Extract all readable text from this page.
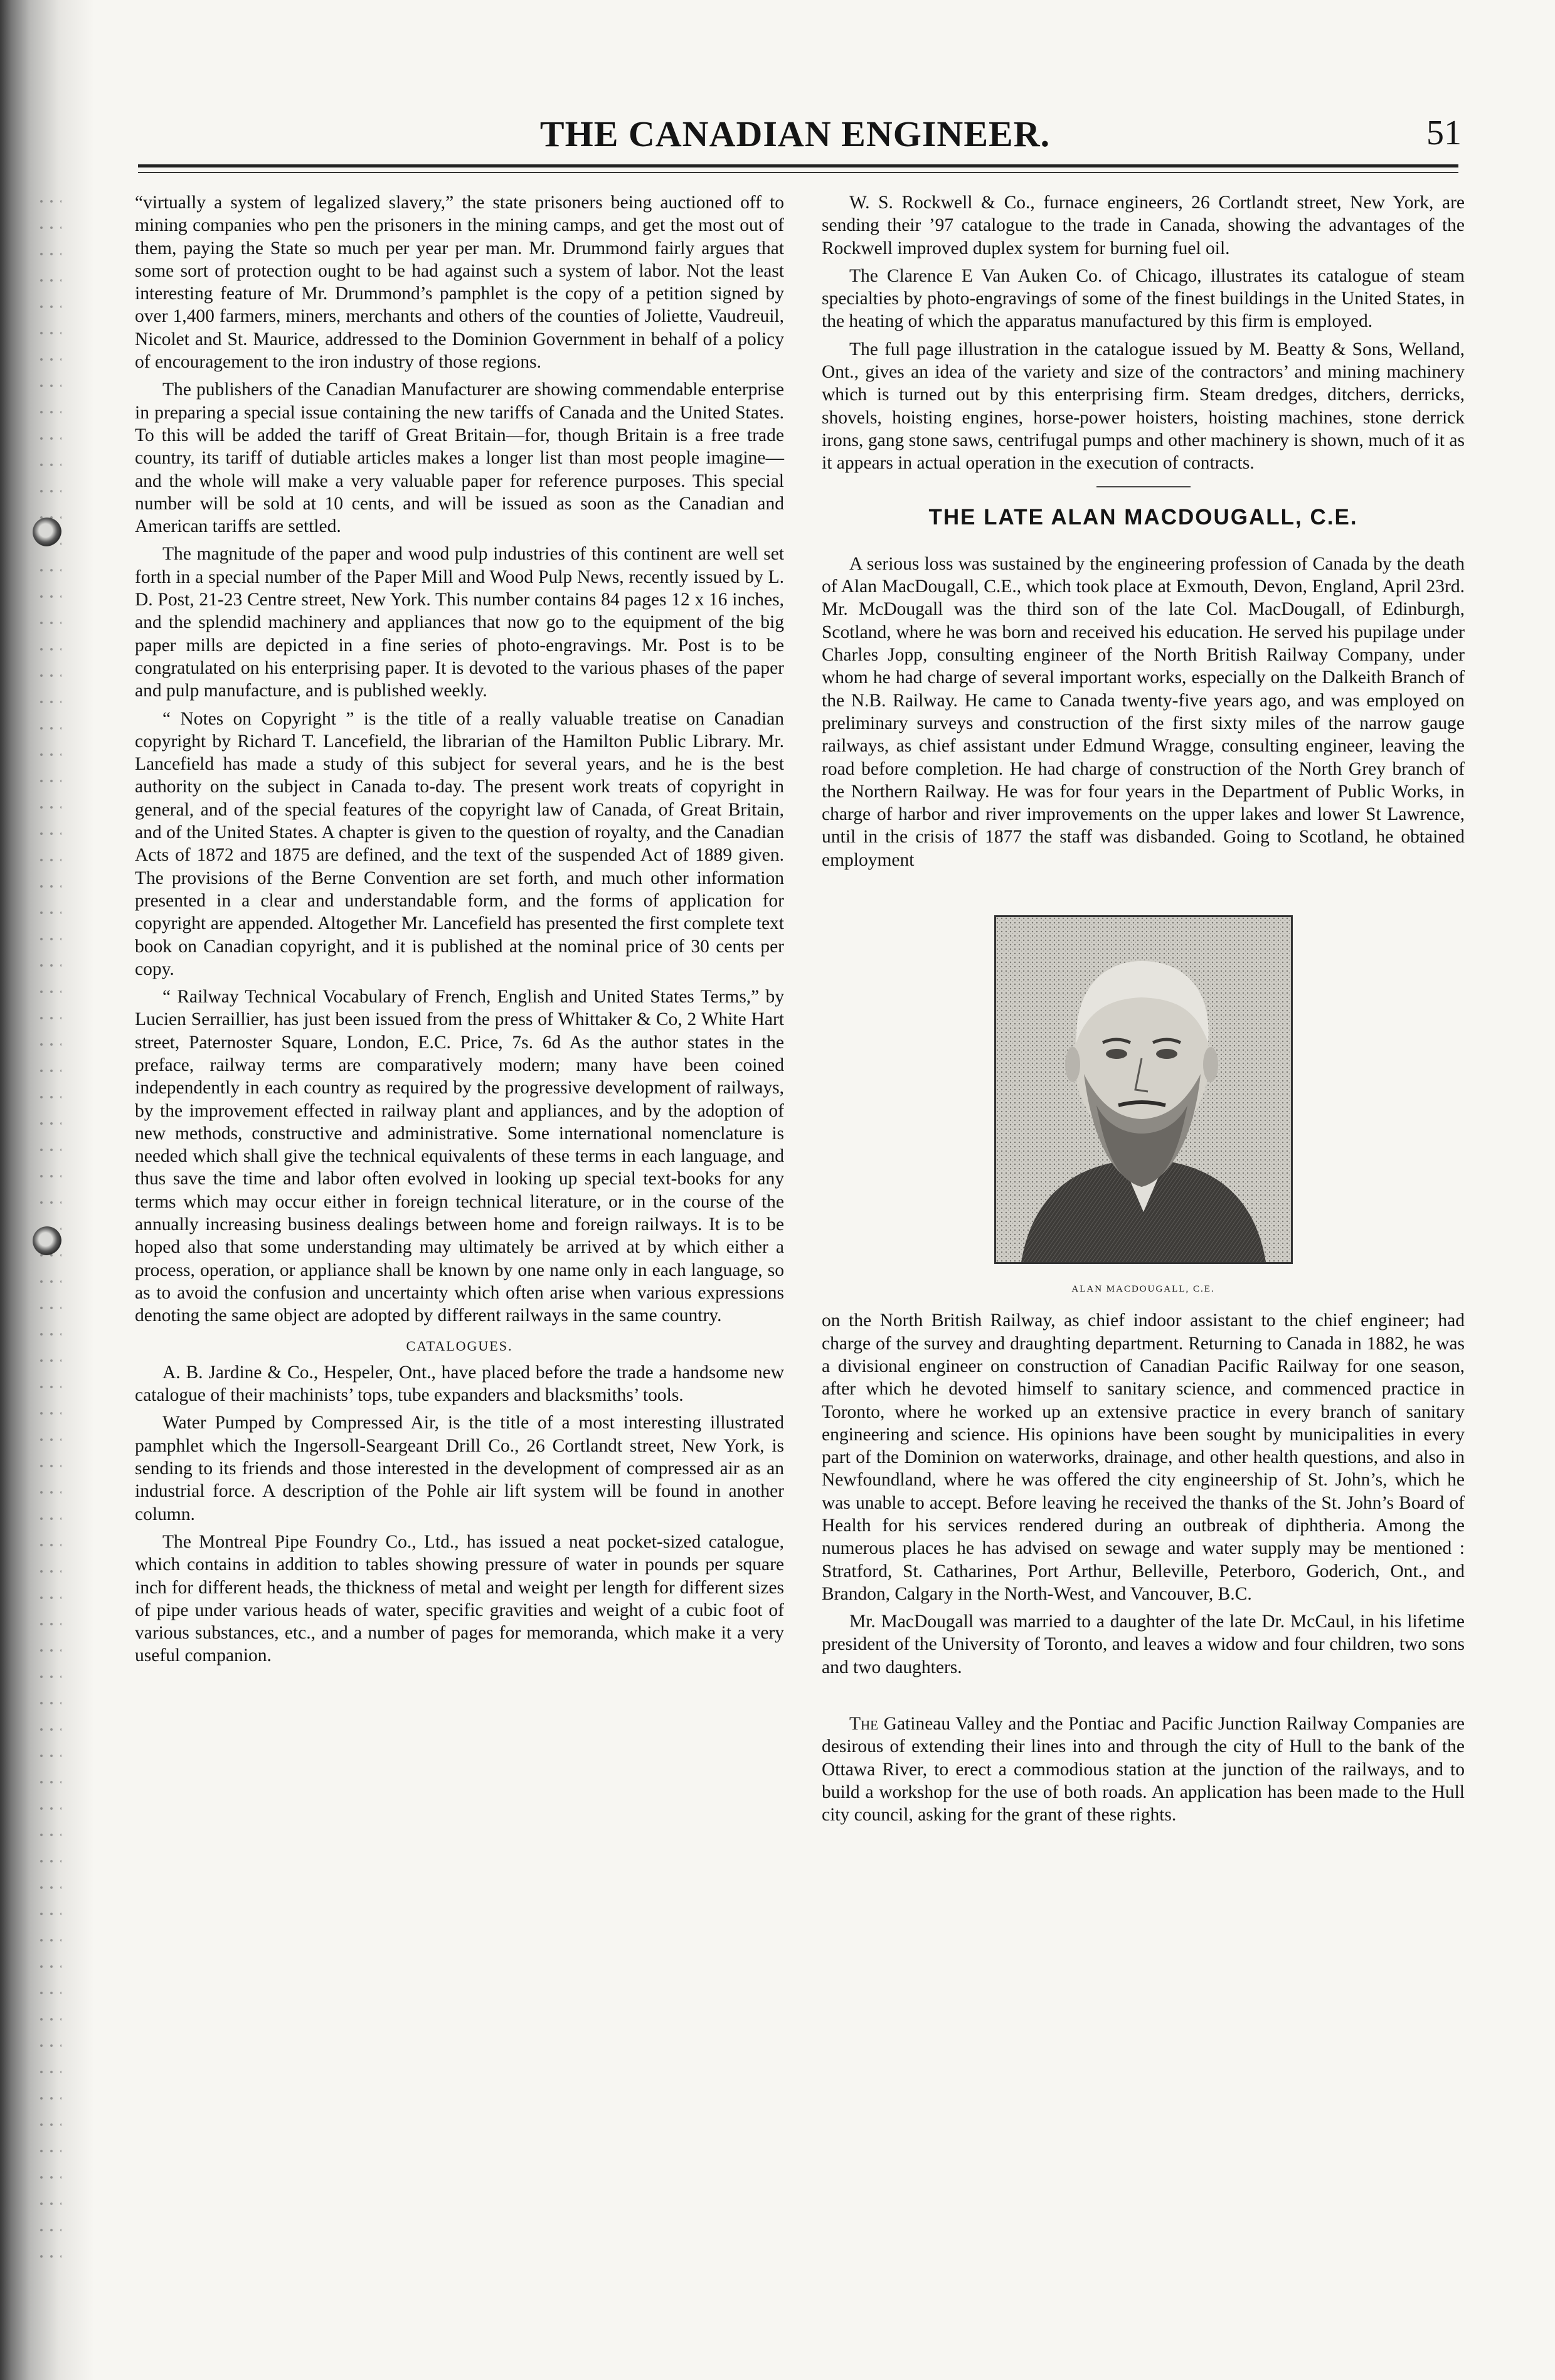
THE CANADIAN ENGINEER.	51

“virtually a system of legalized slavery,” the state prisoners being auctioned off to mining companies who pen the prisoners in the mining camps, and get the most out of them, paying the State so much per year per man. Mr. Drummond fairly argues that some sort of protection ought to be had against such a system of labor. Not the least interesting feature of Mr. Drummond’s pamphlet is the copy of a petition signed by over 1,400 farmers, miners, merchants and others of the counties of Joliette, Vaudreuil, Nicolet and St. Maurice, addressed to the Dominion Government in behalf of a policy of encouragement to the iron industry of those regions.

The publishers of the Canadian Manufacturer are showing commendable enterprise in preparing a special issue containing the new tariffs of Canada and the United States. To this will be added the tariff of Great Britain—for, though Britain is a free trade country, its tariff of dutiable articles makes a longer list than most people imagine—and the whole will make a very valuable paper for reference purposes. This special number will be sold at 10 cents, and will be issued as soon as the Canadian and American tariffs are settled.

The magnitude of the paper and wood pulp industries of this continent are well set forth in a special number of the Paper Mill and Wood Pulp News, recently issued by L. D. Post, 21-23 Centre street, New York. This number contains 84 pages 12 x 16 inches, and the splendid machinery and appliances that now go to the equipment of the big paper mills are depicted in a fine series of photo-engravings. Mr. Post is to be congratulated on his enterprising paper. It is devoted to the various phases of the paper and pulp manufacture, and is published weekly.

“ Notes on Copyright ” is the title of a really valuable treatise on Canadian copyright by Richard T. Lancefield, the librarian of the Hamilton Public Library. Mr. Lancefield has made a study of this subject for several years, and he is the best authority on the subject in Canada to-day. The present work treats of copyright in general, and of the special features of the copyright law of Canada, of Great Britain, and of the United States. A chapter is given to the question of royalty, and the Canadian Acts of 1872 and 1875 are defined, and the text of the suspended Act of 1889 given. The provisions of the Berne Convention are set forth, and much other information presented in a clear and understandable form, and the forms of application for copyright are appended. Altogether Mr. Lancefield has presented the first complete text book on Canadian copyright, and it is published at the nominal price of 30 cents per copy.

“ Railway Technical Vocabulary of French, English and United States Terms,” by Lucien Serraillier, has just been issued from the press of Whittaker & Co, 2 White Hart street, Paternoster Square, London, E.C. Price, 7s. 6d As the author states in the preface, railway terms are comparatively modern; many have been coined independently in each country as required by the progressive development of railways, by the improvement effected in railway plant and appliances, and by the adoption of new methods, constructive and administrative. Some international nomenclature is needed which shall give the technical equivalents of these terms in each language, and thus save the time and labor often evolved in looking up special text-books for any terms which may occur either in foreign technical literature, or in the course of the annually increasing business dealings between home and foreign railways. It is to be hoped also that some understanding may ultimately be arrived at by which either a process, operation, or appliance shall be known by one name only in each language, so as to avoid the confusion and uncertainty which often arise when various expressions denoting the same object are adopted by different railways in the same country.

CATALOGUES.

A. B. Jardine & Co., Hespeler, Ont., have placed before the trade a handsome new catalogue of their machinists’ tops, tube expanders and blacksmiths’ tools.

Water Pumped by Compressed Air, is the title of a most interesting illustrated pamphlet which the Ingersoll-Seargeant Drill Co., 26 Cortlandt street, New York, is sending to its friends and those interested in the development of compressed air as an industrial force. A description of the Pohle air lift system will be found in another column.

The Montreal Pipe Foundry Co., Ltd., has issued a neat pocket-sized catalogue, which contains in addition to tables showing pressure of water in pounds per square inch for different heads, the thickness of metal and weight per length for different sizes of pipe under various heads of water, specific gravities and weight of a cubic foot of various substances, etc., and a number of pages for memoranda, which make it a very useful companion.

W. S. Rockwell & Co., furnace engineers, 26 Cortlandt street, New York, are sending their ’97 catalogue to the trade in Canada, showing the advantages of the Rockwell improved duplex system for burning fuel oil.

The Clarence E Van Auken Co. of Chicago, illustrates its catalogue of steam specialties by photo-engravings of some of the finest buildings in the United States, in the heating of which the apparatus manufactured by this firm is employed.

The full page illustration in the catalogue issued by M. Beatty & Sons, Welland, Ont., gives an idea of the variety and size of the contractors’ and mining machinery which is turned out by this enterprising firm. Steam dredges, ditchers, derricks, shovels, hoisting engines, horse-power hoisters, hoisting machines, stone derrick irons, gang stone saws, centrifugal pumps and other machinery is shown, much of it as it appears in actual operation in the execution of contracts.

THE LATE ALAN MACDOUGALL, C.E.

A serious loss was sustained by the engineering profession of Canada by the death of Alan MacDougall, C.E., which took place at Exmouth, Devon, England, April 23rd. Mr. McDougall was the third son of the late Col. MacDougall, of Edinburgh, Scotland, where he was born and received his education. He served his pupilage under Charles Jopp, consulting engineer of the North British Railway Company, under whom he had charge of several important works, especially on the Dalkeith Branch of the N.B. Railway. He came to Canada twenty-five years ago, and was employed on preliminary surveys and construction of the first sixty miles of the narrow gauge railways, as chief assistant under Edmund Wragge, consulting engineer, leaving the road before completion. He had charge of construction of the North Grey branch of the Northern Railway. He was for four years in the Department of Public Works, in charge of harbor and river improvements on the upper lakes and lower St Lawrence, until in the crisis of 1877 the staff was disbanded. Going to Scotland, he obtained employment

ALAN MACDOUGALL, C.E.

on the North British Railway, as chief indoor assistant to the chief engineer; had charge of the survey and draughting department. Returning to Canada in 1882, he was a divisional engineer on construction of Canadian Pacific Railway for one season, after which he devoted himself to sanitary science, and commenced practice in Toronto, where he worked up an extensive practice in every branch of sanitary engineering and science. His opinions have been sought by municipalities in every part of the Dominion on waterworks, drainage, and other health questions, and also in Newfoundland, where he was offered the city engineership of St. John’s, which he was unable to accept. Before leaving he received the thanks of the St. John’s Board of Health for his services rendered during an outbreak of diphtheria. Among the numerous places he has advised on sewage and water supply may be mentioned : Stratford, St. Catharines, Port Arthur, Belleville, Peterboro, Goderich, Ont., and Brandon, Calgary in the North-West, and Vancouver, B.C.

Mr. MacDougall was married to a daughter of the late Dr. McCaul, in his lifetime president of the University of Toronto, and leaves a widow and four children, two sons and two daughters.

The Gatineau Valley and the Pontiac and Pacific Junction Railway Companies are desirous of extending their lines into and through the city of Hull to the bank of the Ottawa River, to erect a commodious station at the junction of the railways, and to build a workshop for the use of both roads. An application has been made to the Hull city council, asking for the grant of these rights.
